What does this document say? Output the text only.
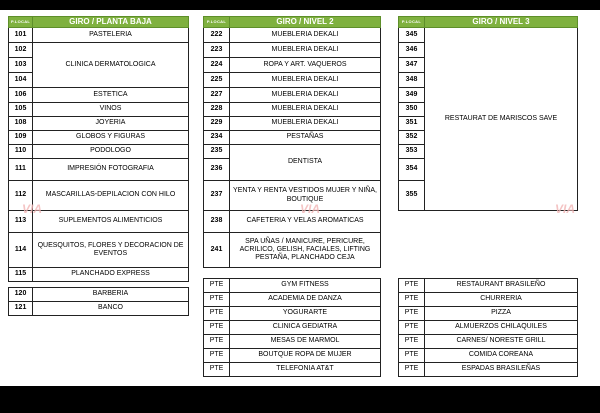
P.LOCAL	GIRO / PLANTA BAJA
101	PASTELERIA
102	CLINICA DERMATOLOGICA
103	
104	
106	ESTETICA
105	VINOS
108	JOYERIA
109	GLOBOS Y FIGURAS
110	PODOLOGO
111	IMPRESIÓN FOTOGRAFIA
112	MASCARILLAS-DEPILACION CON HILO
113	SUPLEMENTOS ALIMENTICIOS
114	QUESQUITOS, FLORES Y DECORACION DE EVENTOS
115	PLANCHADO EXPRESS

120	BARBERIA
121	BANCO
P.LOCAL	GIRO / NIVEL 2
222	MUEBLERIA DEKALI
223	MUEBLERIA DEKALI
224	ROPA Y ART. VAQUEROS
225	MUEBLERIA DEKALI
227	MUEBLERIA DEKALI
228	MUEBLERIA DEKALI
229	MUEBLERIA DEKALI
234	PESTAÑAS
235	DENTISTA
236	
237	YENTA Y RENTA VESTIDOS MUJER Y NIÑA, BOUTIQUE
238	CAFETERIA Y VELAS AROMATICAS
241	SPA UÑAS / MANICURE, PERICURE, ACRILICO, GELISH, FACIALES, LIFTING PESTAÑA, PLANCHADO CEJA
P.LOCAL	GIRO / NIVEL 3
345	RESTAURAT DE MARISCOS SAVE
346	
347	
348	
349	
350	
351	
352	
353	
354	
355	
PTE	GYM FITNESS
PTE	ACADEMIA DE DANZA
PTE	YOGURARTE
PTE	CLINICA GEDIATRA
PTE	MESAS DE MARMOL
PTE	BOUTQUE ROPA DE MUJER
PTE	TELEFONIA AT&T
PTE	RESTAURANT BRASILEÑO
PTE	CHURRERIA
PTE	PIZZA
PTE	ALMUERZOS CHILAQUILES
PTE	CARNES/ NORESTE GRILL
PTE	COMIDA COREANA
PTE	ESPADAS BRASILEÑAS
VIA	VIA	VIA
